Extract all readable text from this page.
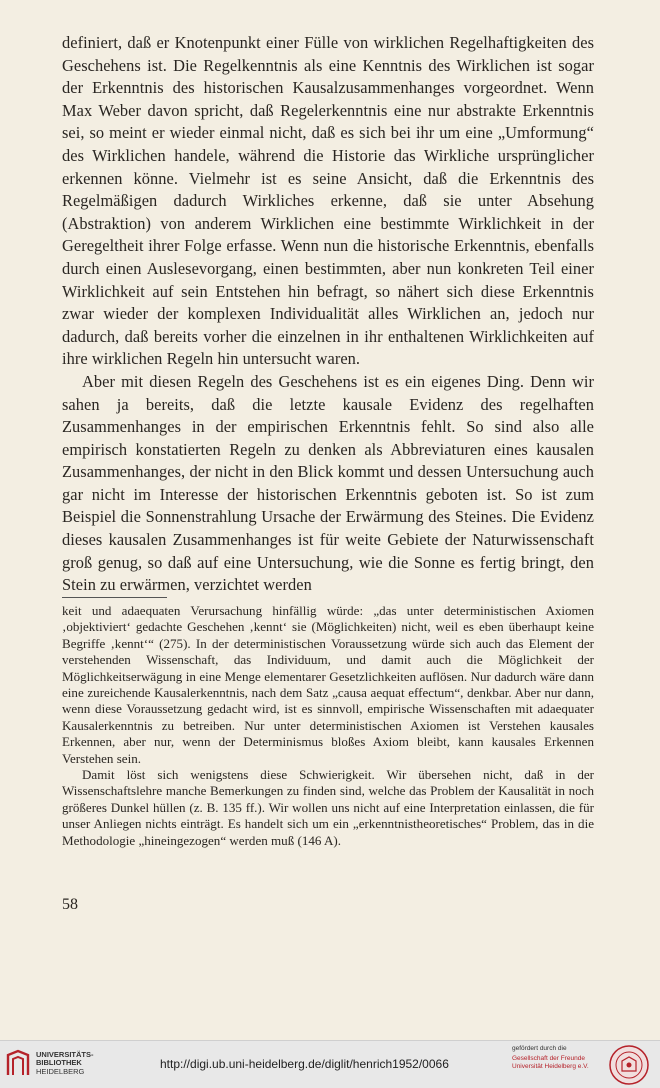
definiert, daß er Knotenpunkt einer Fülle von wirklichen Regelhaftigkeiten des Geschehens ist. Die Regelkenntnis als eine Kenntnis des Wirklichen ist sogar der Erkenntnis des historischen Kausalzusammenhanges vorgeordnet. Wenn Max Weber davon spricht, daß Regelerkenntnis eine nur abstrakte Erkenntnis sei, so meint er wieder einmal nicht, daß es sich bei ihr um eine „Umformung“ des Wirklichen handele, während die Historie das Wirkliche ursprünglicher erkennen könne. Vielmehr ist es seine Ansicht, daß die Erkenntnis des Regelmäßigen dadurch Wirkliches erkenne, daß sie unter Absehung (Abstraktion) von anderem Wirklichen eine bestimmte Wirklichkeit in der Geregeltheit ihrer Folge erfasse. Wenn nun die historische Erkenntnis, ebenfalls durch einen Auslesevorgang, einen bestimmten, aber nun konkreten Teil einer Wirklichkeit auf sein Entstehen hin befragt, so nähert sich diese Erkenntnis zwar wieder der komplexen Individualität alles Wirklichen an, jedoch nur dadurch, daß bereits vorher die einzelnen in ihr enthaltenen Wirklichkeiten auf ihre wirklichen Regeln hin untersucht waren.

Aber mit diesen Regeln des Geschehens ist es ein eigenes Ding. Denn wir sahen ja bereits, daß die letzte kausale Evidenz des regelhaften Zusammenhanges in der empirischen Erkenntnis fehlt. So sind also alle empirisch konstatierten Regeln zu denken als Abbreviaturen eines kausalen Zusammenhanges, der nicht in den Blick kommt und dessen Untersuchung auch gar nicht im Interesse der historischen Erkenntnis geboten ist. So ist zum Beispiel die Sonnenstrahlung Ursache der Erwärmung des Steines. Die Evidenz dieses kausalen Zusammenhanges ist für weite Gebiete der Naturwissenschaft groß genug, so daß auf eine Untersuchung, wie die Sonne es fertig bringt, den Stein zu erwärmen, verzichtet werden

keit und adaequaten Verursachung hinfällig würde: „das unter deterministischen Axiomen ‚objektiviert‘ gedachte Geschehen ‚kennt‘ sie (Möglichkeiten) nicht, weil es eben überhaupt keine Begriffe ‚kennt‘“ (275). In der deterministischen Voraussetzung würde sich auch das Element der verstehenden Wissenschaft, das Individuum, und damit auch die Möglichkeit der Möglichkeitserwägung in eine Menge elementarer Gesetzlichkeiten auflösen. Nur dadurch wäre dann eine zureichende Kausalerkenntnis, nach dem Satz „causa aequat effectum“, denkbar. Aber nur dann, wenn diese Voraussetzung gedacht wird, ist es sinnvoll, empirische Wissenschaften mit adaequater Kausalerkenntnis zu betreiben. Nur unter deterministischen Axiomen ist Verstehen kausales Erkennen, aber nur, wenn der Determinismus bloßes Axiom bleibt, kann kausales Erkennen Verstehen sein.

Damit löst sich wenigstens diese Schwierigkeit. Wir übersehen nicht, daß in der Wissenschaftslehre manche Bemerkungen zu finden sind, welche das Problem der Kausalität in noch größeres Dunkel hüllen (z. B. 135 ff.). Wir wollen uns nicht auf eine Interpretation einlassen, die für unser Anliegen nichts einträgt. Es handelt sich um ein „erkenntnistheoretisches“ Problem, das in die Methodologie „hineingezogen“ werden muß (146 A).

58
UNIVERSITÄTS-
BIBLIOTHEK
HEIDELBERG
http://digi.ub.uni-heidelberg.de/diglit/henrich1952/0066
gefördert durch die
Gesellschaft der Freunde
Universität Heidelberg e.V.
